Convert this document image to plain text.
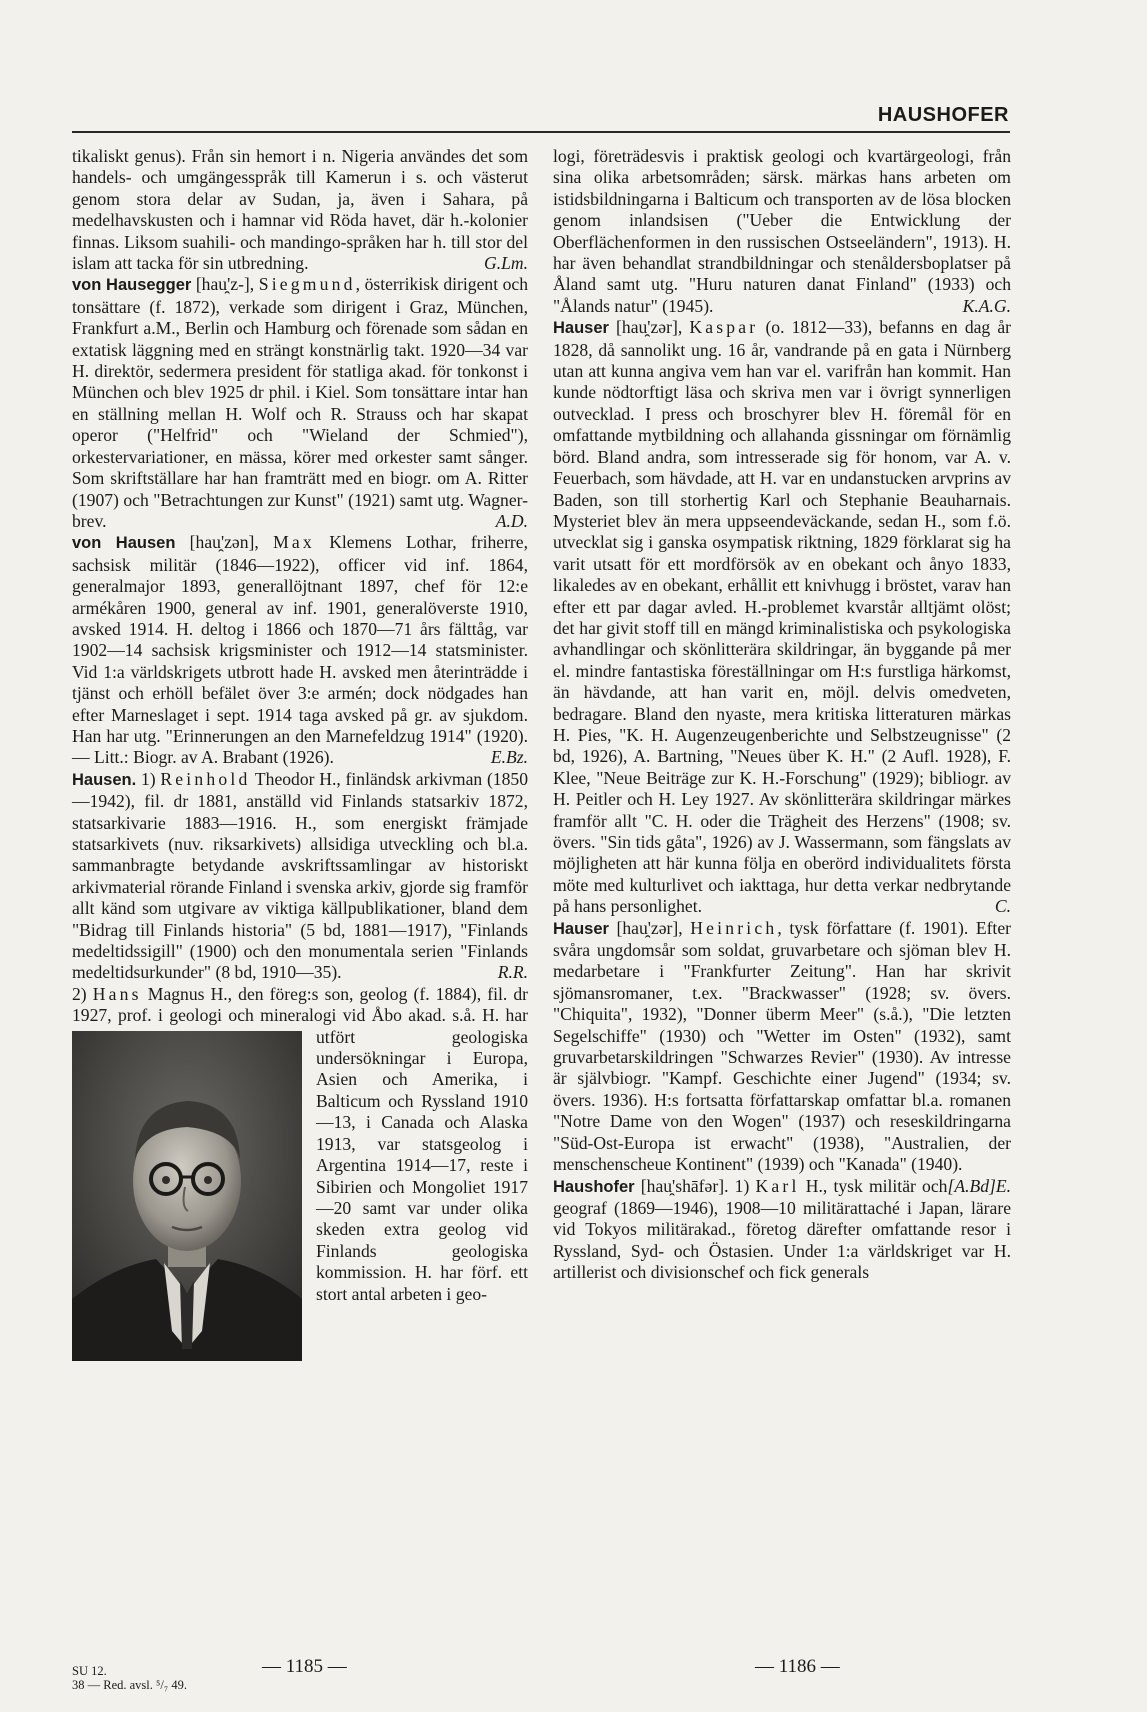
HAUSHOFER

tikaliskt genus). Från sin hemort i n. Nigeria användes det som handels- och umgängesspråk till Kamerun i s. och västerut genom stora delar av Sudan, ja, även i Sahara, på medelhavskusten och i hamnar vid Röda havet, där h.-kolonier finnas. Liksom suahili- och mandingo-språken har h. till stor del islam att tacka för sin utbredning.	G.Lm.

von Hausegger [hau̯'z-], Siegmund, österrikisk dirigent och tonsättare (f. 1872), verkade som dirigent i Graz, München, Frankfurt a.M., Berlin och Hamburg och förenade som sådan en extatisk läggning med en strängt konstnärlig takt. 1920—34 var H. direktör, sedermera president för statliga akad. för tonkonst i München och blev 1925 dr phil. i Kiel. Som tonsättare intar han en ställning mellan H. Wolf och R. Strauss och har skapat operor ("Helfrid" och "Wieland der Schmied"), orkestervariationer, en mässa, körer med orkester samt sånger. Som skriftställare har han framträtt med en biogr. om A. Ritter (1907) och "Betrachtungen zur Kunst" (1921) samt utg. Wagner-brev.	A.D.

von Hausen [hau̯'zən], Max Klemens Lothar, friherre, sachsisk militär (1846—1922), officer vid inf. 1864, generalmajor 1893, generallöjtnant 1897, chef för 12:e armékåren 1900, general av inf. 1901, generalöverste 1910, avsked 1914. H. deltog i 1866 och 1870—71 års fälttåg, var 1902—14 sachsisk krigsminister och 1912—14 statsminister. Vid 1:a världskrigets utbrott hade H. avsked men återinträdde i tjänst och erhöll befälet över 3:e armén; dock nödgades han efter Marneslaget i sept. 1914 taga avsked på gr. av sjukdom. Han har utg. "Erinnerungen an den Marnefeldzug 1914" (1920). — Litt.: Biogr. av A. Brabant (1926).	E.Bz.

Hausen. 1) Reinhold Theodor H., finländsk arkivman (1850—1942), fil. dr 1881, anställd vid Finlands statsarkiv 1872, statsarkivarie 1883—1916. H., som energiskt främjade statsarkivets (nuv. riksarkivets) allsidiga utveckling och bl.a. sammanbragte betydande avskriftssamlingar av historiskt arkivmaterial rörande Finland i svenska arkiv, gjorde sig framför allt känd som utgivare av viktiga källpublikationer, bland dem "Bidrag till Finlands historia" (5 bd, 1881—1917), "Finlands medeltidssigill" (1900) och den monumentala serien "Finlands medeltidsurkunder" (8 bd, 1910—35).	R.R.

2) Hans Magnus H., den föreg:s son, geolog (f. 1884), fil. dr 1927, prof. i geologi och mineralogi vid Åbo akad. s.å. H. har utfört geologiska
undersökningar i Europa, Asien och Amerika, i Balticum och Ryssland 1910—13, i Canada och Alaska 1913, var statsgeolog i Argentina 1914—17, reste i Sibirien och Mongoliet 1917—20 samt var under olika skeden extra geolog vid Finlands geologiska kommission. H. har förf. ett stort antal arbeten i geo-

logi, företrädesvis i praktisk geologi och kvartärgeologi, från sina olika arbetsområden; särsk. märkas hans arbeten om istidsbildningarna i Balticum och transporten av de lösa blocken genom inlandsisen ("Ueber die Entwicklung der Oberflächenformen in den russischen Ostseeländern", 1913). H. har även behandlat strandbildningar och stenåldersboplatser på Åland samt utg. "Huru naturen danat Finland" (1933) och "Ålands natur" (1945).	K.A.G.

Hauser [hau̯'zər], Kaspar (o. 1812—33), befanns en dag år 1828, då sannolikt ung. 16 år, vandrande på en gata i Nürnberg utan att kunna angiva vem han var el. varifrån han kommit. Han kunde nödtorftigt läsa och skriva men var i övrigt synnerligen outvecklad. I press och broschyrer blev H. föremål för en omfattande mytbildning och allahanda gissningar om förnämlig börd. Bland andra, som intresserade sig för honom, var A. v. Feuerbach, som hävdade, att H. var en undanstucken arvprins av Baden, son till storhertig Karl och Stephanie Beauharnais. Mysteriet blev än mera uppseendeväckande, sedan H., som f.ö. utvecklat sig i ganska osympatisk riktning, 1829 förklarat sig ha varit utsatt för ett mordförsök av en obekant och ånyo 1833, likaledes av en obekant, erhållit ett knivhugg i bröstet, varav han efter ett par dagar avled. H.-problemet kvarstår alltjämt olöst; det har givit stoff till en mängd kriminalistiska och psykologiska avhandlingar och skönlitterära skildringar, än byggande på mer el. mindre fantastiska föreställningar om H:s furstliga härkomst, än hävdande, att han varit en, möjl. delvis omedveten, bedragare. Bland den nyaste, mera kritiska litteraturen märkas H. Pies, "K. H. Augenzeugenberichte und Selbstzeugnisse" (2 bd, 1926), A. Bartning, "Neues über K. H." (2 Aufl. 1928), F. Klee, "Neue Beiträge zur K. H.-Forschung" (1929); bibliogr. av H. Peitler och H. Ley 1927. Av skönlitterära skildringar märkes framför allt "C. H. oder die Trägheit des Herzens" (1908; sv. övers. "Sin tids gåta", 1926) av J. Wassermann, som fängslats av möjligheten att här kunna följa en oberörd individualitets första möte med kulturlivet och iakttaga, hur detta verkar nedbrytande på hans personlighet.	C.

Hauser [hau̯'zər], Heinrich, tysk författare (f. 1901). Efter svåra ungdomsår som soldat, gruvarbetare och sjöman blev H. medarbetare i "Frankfurter Zeitung". Han har skrivit sjömansromaner, t.ex. "Brackwasser" (1928; sv. övers. "Chiquita", 1932), "Donner überm Meer" (s.å.), "Die letzten Segelschiffe" (1930) och "Wetter im Osten" (1932), samt gruvarbetarskildringen "Schwarzes Revier" (1930). Av intresse är självbiogr. "Kampf. Geschichte einer Jugend" (1934; sv. övers. 1936). H:s fortsatta författarskap omfattar bl.a. romanen "Notre Dame von den Wogen" (1937) och reseskildringarna "Süd-Ost-Europa ist erwacht" (1938), "Australien, der menschenscheue Kontinent" (1939) och "Kanada" (1940).
[A.Bd]E.

Haushofer [hau̯'shāfər]. 1) Karl H., tysk militär och geograf (1869—1946), 1908—10 militärattaché i Japan, lärare vid Tokyos militärakad., företog därefter omfattande resor i Ryssland, Syd- och Östasien. Under 1:a världskriget var H. artillerist och divisionschef och fick generals

SU 12.
38 — Red. avsl. ⁵/₇ 49.
— 1185 —	— 1186 —
